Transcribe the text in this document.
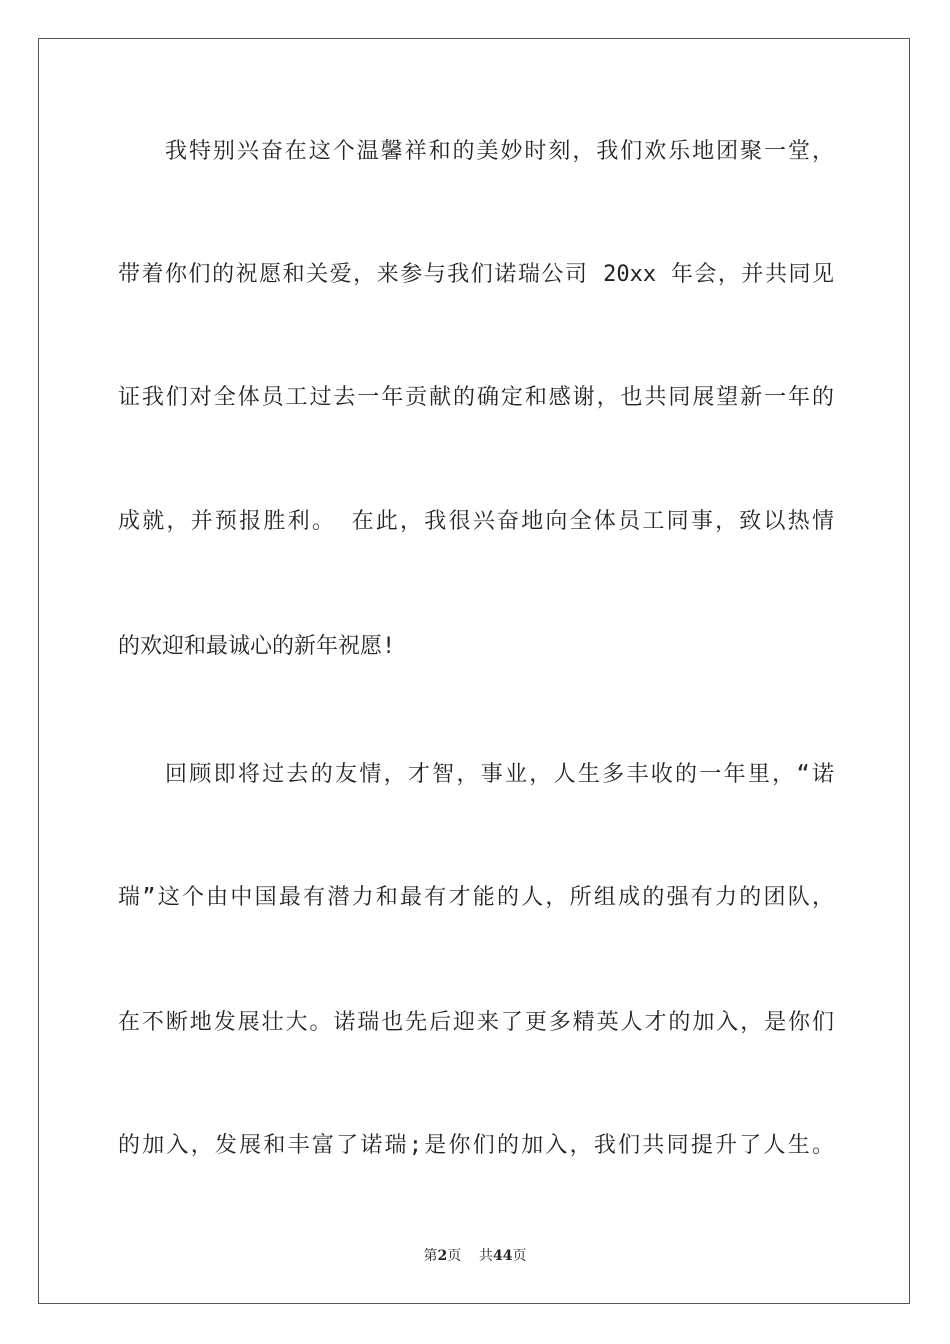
我特别兴奋在这个温馨祥和的美妙时刻，我们欢乐地团聚一堂，
带着你们的祝愿和关爱，来参与我们诺瑞公司 20xx 年会，并共同见
证我们对全体员工过去一年贡献的确定和感谢，也共同展望新一年的
成就，并预报胜利。 在此，我很兴奋地向全体员工同事，致以热情
的欢迎和最诚心的新年祝愿!
回顾即将过去的友情，才智，事业，人生多丰收的一年里，“诺
瑞”这个由中国最有潜力和最有才能的人，所组成的强有力的团队，
在不断地发展壮大。诺瑞也先后迎来了更多精英人才的加入，是你们
的加入，发展和丰富了诺瑞;是你们的加入，我们共同提升了人生。
第2页 共44页
